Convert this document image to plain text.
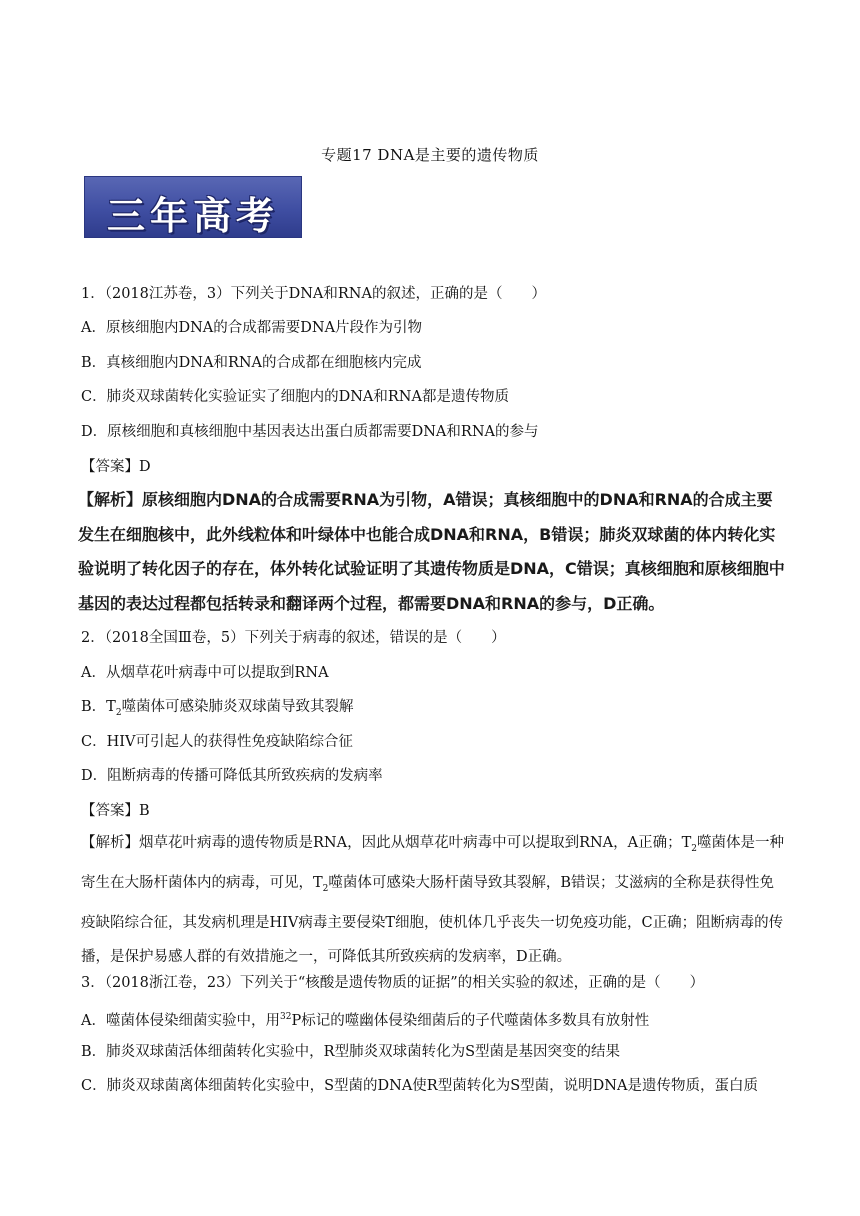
专题17 DNA是主要的遗传物质
三年高考
1．（2018江苏卷，3）下列关于DNA和RNA的叙述，正确的是（　　）
A．原核细胞内DNA的合成都需要DNA片段作为引物
B．真核细胞内DNA和RNA的合成都在细胞核内完成
C．肺炎双球菌转化实验证实了细胞内的DNA和RNA都是遗传物质
D．原核细胞和真核细胞中基因表达出蛋白质都需要DNA和RNA的参与
【答案】D
【解析】原核细胞内DNA的合成需要RNA为引物，A错误；真核细胞中的DNA和RNA的合成主要发生在细胞核中，此外线粒体和叶绿体中也能合成DNA和RNA，B错误；肺炎双球菌的体内转化实验说明了转化因子的存在，体外转化试验证明了其遗传物质是DNA，C错误；真核细胞和原核细胞中基因的表达过程都包括转录和翻译两个过程，都需要DNA和RNA的参与，D正确。
2．（2018全国Ⅲ卷，5）下列关于病毒的叙述，错误的是（　　）
A．从烟草花叶病毒中可以提取到RNA
B．$T_2$噬菌体可感染肺炎双球菌导致其裂解
C．HIV可引起人的获得性免疫缺陷综合征
D．阻断病毒的传播可降低其所致疾病的发病率
【答案】B
【解析】烟草花叶病毒的遗传物质是RNA，因此从烟草花叶病毒中可以提取到RNA，A正确；$T_2$噬菌体是一种寄生在大肠杆菌体内的病毒，可见，$T_2$噬菌体可感染大肠杆菌导致其裂解，B错误；艾滋病的全称是获得性免疫缺陷综合征，其发病机理是HIV病毒主要侵染T细胞，使机体几乎丧失一切免疫功能，C正确；阻断病毒的传播，是保护易感人群的有效措施之一，可降低其所致疾病的发病率，D正确。
3．（2018浙江卷，23）下列关于“核酸是遗传物质的证据”的相关实验的叙述，正确的是（　　）
A．噬菌体侵染细菌实验中，用$^{32}$P标记的噬幽体侵染细菌后的子代噬菌体多数具有放射性
B．肺炎双球菌活体细菌转化实验中，R型肺炎双球菌转化为S型菌是基因突变的结果
C．肺炎双球菌离体细菌转化实验中，S型菌的DNA使R型菌转化为S型菌，说明DNA是遗传物质，蛋白质
